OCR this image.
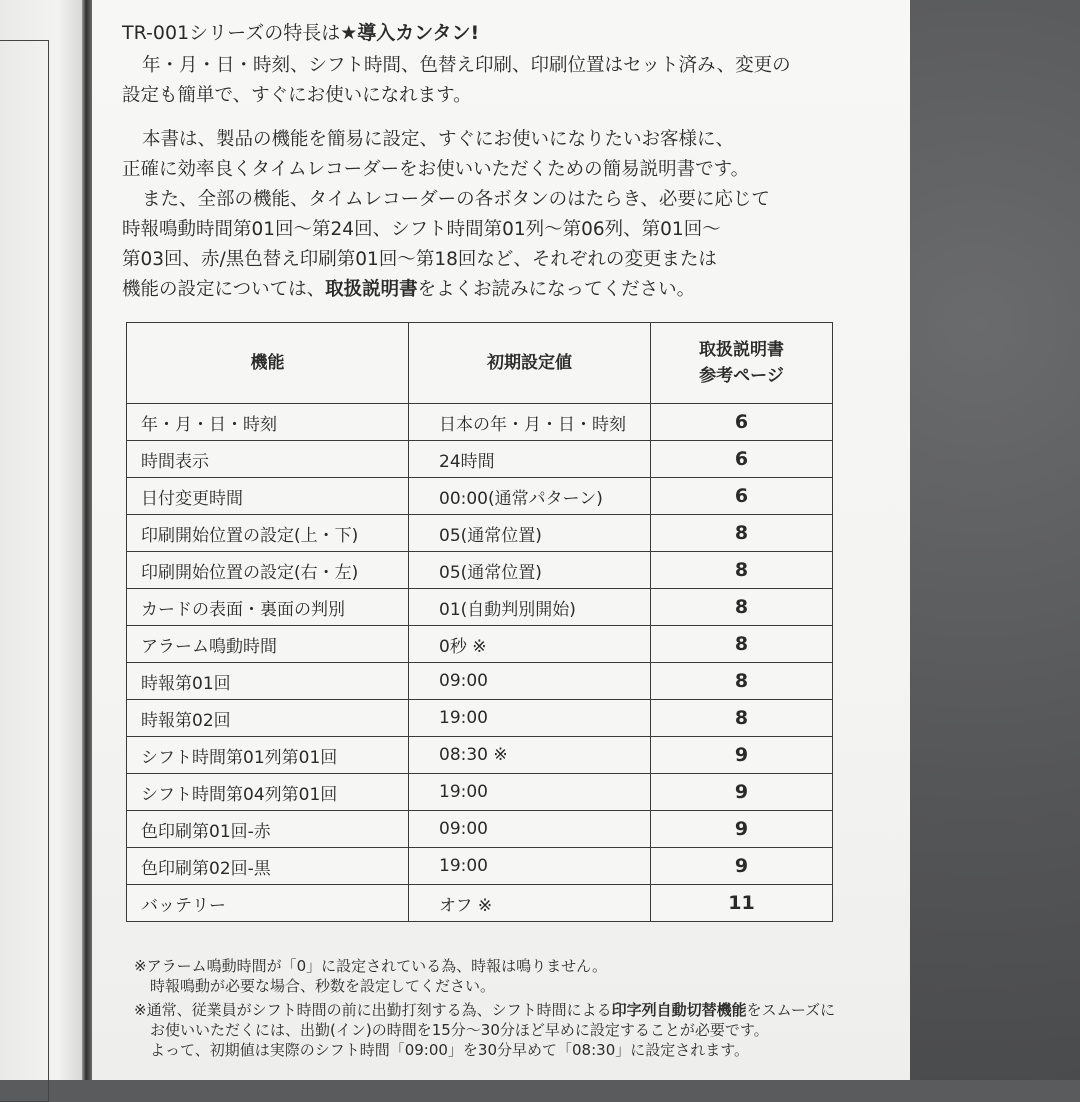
TR-001シリーズの特長は★導入カンタン!

年・月・日・時刻、シフト時間、色替え印刷、印刷位置はセット済み、変更の
設定も簡単で、すぐにお使いになれます。

本書は、製品の機能を簡易に設定、すぐにお使いになりたいお客様に、
正確に効率良くタイムレコーダーをお使いいただくための簡易説明書です。
また、全部の機能、タイムレコーダーの各ボタンのはたらき、必要に応じて
時報鳴動時間第01回～第24回、シフト時間第01列～第06列、第01回～
第03回、赤/黒色替え印刷第01回～第18回など、それぞれの変更または
機能の設定については、取扱説明書をよくお読みになってください。

機能	初期設定値	取扱説明書
参考ページ
年・月・日・時刻	日本の年・月・日・時刻	6
時間表示	24時間	6
日付変更時間	00:00(通常パターン)	6
印刷開始位置の設定(上・下)	05(通常位置)	8
印刷開始位置の設定(右・左)	05(通常位置)	8
カードの表面・裏面の判別	01(自動判別開始)	8
アラーム鳴動時間	0秒 ※	8
時報第01回	09:00	8
時報第02回	19:00	8
シフト時間第01列第01回	08:30 ※	9
シフト時間第04列第01回	19:00	9
色印刷第01回-赤	09:00	9
色印刷第02回-黒	19:00	9
バッテリー	オフ ※	11

※アラーム鳴動時間が「0」に設定されている為、時報は鳴りません。

時報鳴動が必要な場合、秒数を設定してください。

※通常、従業員がシフト時間の前に出勤打刻する為、シフト時間による印字列自動切替機能をスムーズに

お使いいただくには、出勤(イン)の時間を15分～30分ほど早めに設定することが必要です。

よって、初期値は実際のシフト時間「09:00」を30分早めて「08:30」に設定されます。
